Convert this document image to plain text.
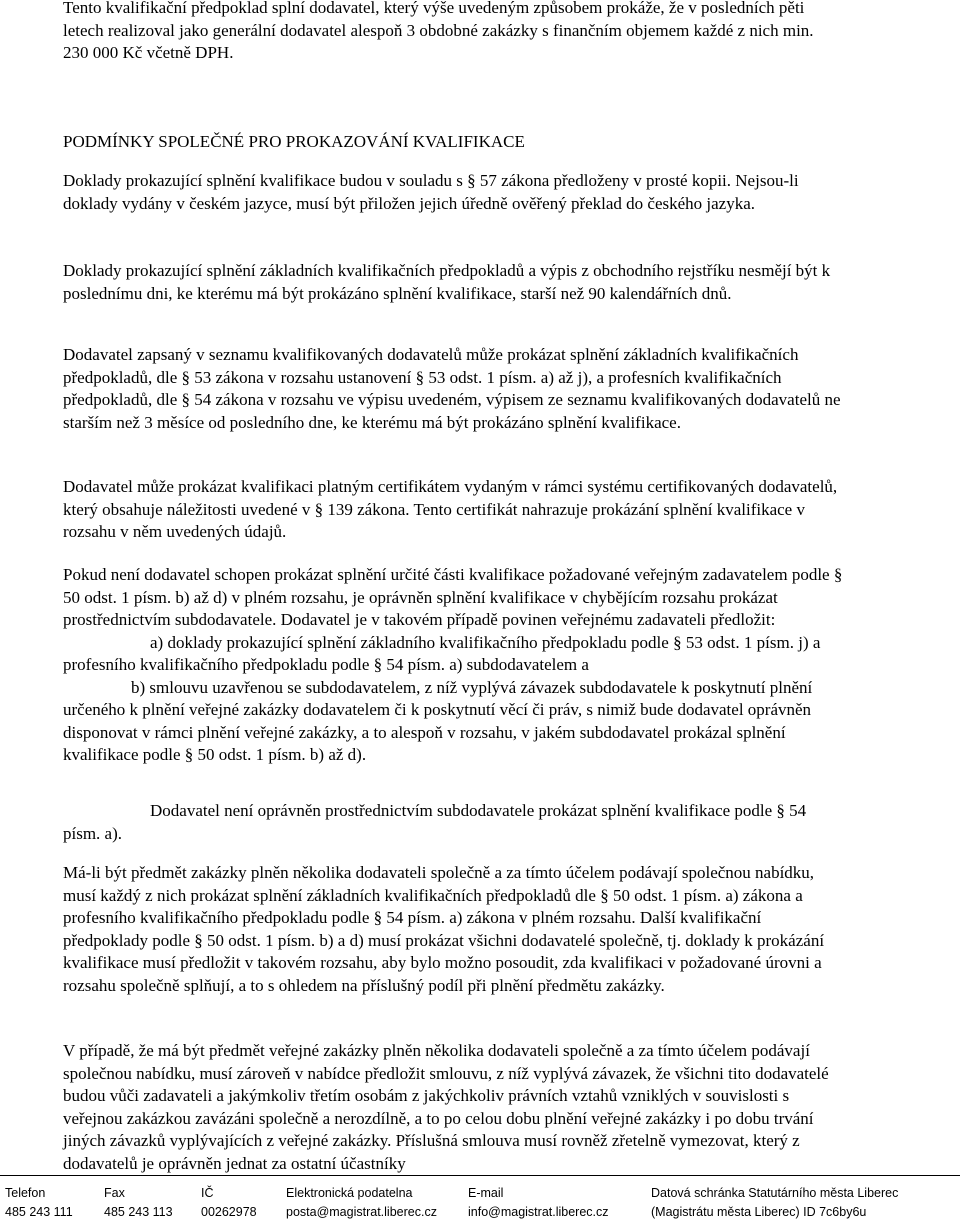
Tento kvalifikační předpoklad splní dodavatel, který výše uvedeným způsobem prokáže, že v posledních pěti letech realizoval jako generální dodavatel alespoň 3 obdobné zakázky s finančním objemem každé z nich min. 230 000 Kč včetně DPH.

PODMÍNKY SPOLEČNÉ PRO PROKAZOVÁNÍ KVALIFIKACE

Doklady prokazující splnění kvalifikace budou v souladu s § 57 zákona předloženy v prosté kopii. Nejsou-li doklady vydány v českém jazyce, musí být přiložen jejich úředně ověřený překlad do českého jazyka.

Doklady prokazující splnění základních kvalifikačních předpokladů a výpis z obchodního rejstříku nesmějí být k poslednímu dni, ke kterému má být prokázáno splnění kvalifikace, starší než 90 kalendářních dnů.

Dodavatel zapsaný v seznamu kvalifikovaných dodavatelů může prokázat splnění základních kvalifikačních předpokladů, dle § 53 zákona v rozsahu ustanovení § 53 odst. 1 písm. a) až j), a profesních kvalifikačních předpokladů, dle § 54 zákona v rozsahu ve výpisu uvedeném, výpisem ze seznamu kvalifikovaných dodavatelů ne starším než 3 měsíce od posledního dne, ke kterému má být prokázáno splnění kvalifikace.

Dodavatel může prokázat kvalifikaci platným certifikátem vydaným v rámci systému certifikovaných dodavatelů, který obsahuje náležitosti uvedené v § 139 zákona. Tento certifikát nahrazuje prokázání splnění kvalifikace v rozsahu v něm uvedených údajů.

Pokud není dodavatel schopen prokázat splnění určité části kvalifikace požadované veřejným zadavatelem podle § 50 odst. 1 písm. b) až d) v plném rozsahu, je oprávněn splnění kvalifikace v chybějícím rozsahu prokázat prostřednictvím subdodavatele. Dodavatel je v takovém případě povinen veřejnému zadavateli předložit:

a) doklady prokazující splnění základního kvalifikačního předpokladu podle § 53 odst. 1 písm. j) a profesního kvalifikačního předpokladu podle § 54 písm. a) subdodavatelem a

b) smlouvu uzavřenou se subdodavatelem, z níž vyplývá závazek subdodavatele k poskytnutí plnění určeného k plnění veřejné zakázky dodavatelem či k poskytnutí věcí či práv, s nimiž bude dodavatel oprávněn disponovat v rámci plnění veřejné zakázky, a to alespoň v rozsahu, v jakém subdodavatel prokázal splnění kvalifikace podle § 50 odst. 1 písm. b) až d).

Dodavatel není oprávněn prostřednictvím subdodavatele prokázat splnění kvalifikace podle § 54 písm. a).

Má-li být předmět zakázky plněn několika dodavateli společně a za tímto účelem podávají společnou nabídku, musí každý z nich prokázat splnění základních kvalifikačních předpokladů dle § 50 odst. 1 písm. a) zákona a profesního kvalifikačního předpokladu podle § 54 písm. a) zákona v plném rozsahu. Další kvalifikační předpoklady podle § 50 odst. 1 písm. b) a d) musí prokázat všichni dodavatelé společně, tj. doklady k prokázání kvalifikace musí předložit v takovém rozsahu, aby bylo možno posoudit, zda kvalifikaci v požadované úrovni a rozsahu společně splňují, a to s ohledem na příslušný podíl při plnění předmětu zakázky.

V případě, že má být předmět veřejné zakázky plněn několika dodavateli společně a za tímto účelem podávají společnou nabídku, musí zároveň v nabídce předložit smlouvu, z níž vyplývá závazek, že všichni tito dodavatelé budou vůči zadavateli a jakýmkoliv třetím osobám z jakýchkoliv právních vztahů vzniklých v souvislosti s veřejnou zakázkou zavázáni společně a nerozdílně, a to po celou dobu plnění veřejné zakázky i po dobu trvání jiných závazků vyplývajících z veřejné zakázky. Příslušná smlouva musí rovněž zřetelně vymezovat, který z dodavatelů je oprávněn jednat za ostatní účastníky

Telefon
485 243 111
Fax
485 243 113
IČ
00262978
Elektronická podatelna
posta@magistrat.liberec.cz
E-mail
info@magistrat.liberec.cz
Datová schránka Statutárního města Liberec
(Magistrátu města Liberec) ID 7c6by6u
